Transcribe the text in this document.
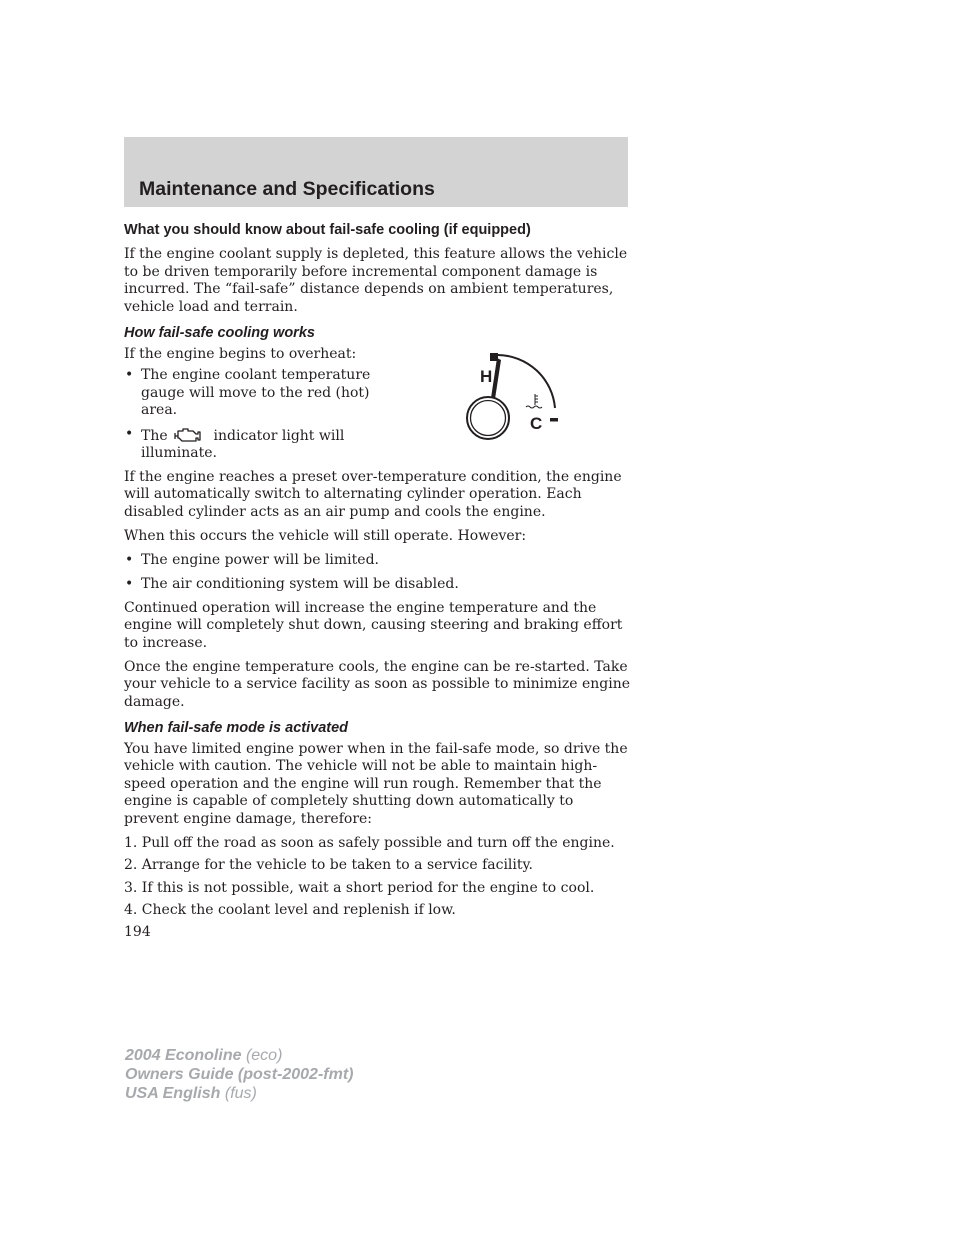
Maintenance and Specifications
What you should know about fail-safe cooling (if equipped)

If the engine coolant supply is depleted, this feature allows the vehicle to be driven temporarily before incremental component damage is incurred. The “fail-safe” distance depends on ambient temperatures, vehicle load and terrain.

How fail-safe cooling works

If the engine begins to overheat:

• The engine coolant temperature gauge will move to the red (hot) area.
• The	indicator light will illuminate.

If the engine reaches a preset over-temperature condition, the engine will automatically switch to alternating cylinder operation. Each disabled cylinder acts as an air pump and cools the engine.

When this occurs the vehicle will still operate. However:

• The engine power will be limited.
• The air conditioning system will be disabled.

Continued operation will increase the engine temperature and the engine will completely shut down, causing steering and braking effort to increase.

Once the engine temperature cools, the engine can be re-started. Take your vehicle to a service facility as soon as possible to minimize engine damage.

When fail-safe mode is activated

You have limited engine power when in the fail-safe mode, so drive the vehicle with caution. The vehicle will not be able to maintain high-speed operation and the engine will run rough. Remember that the engine is capable of completely shutting down automatically to prevent engine damage, therefore:

1. Pull off the road as soon as safely possible and turn off the engine.

2. Arrange for the vehicle to be taken to a service facility.

3. If this is not possible, wait a short period for the engine to cool.

4. Check the coolant level and replenish if low.

H
C
194
2004 Econoline (eco)
Owners Guide (post-2002-fmt)
USA English (fus)
